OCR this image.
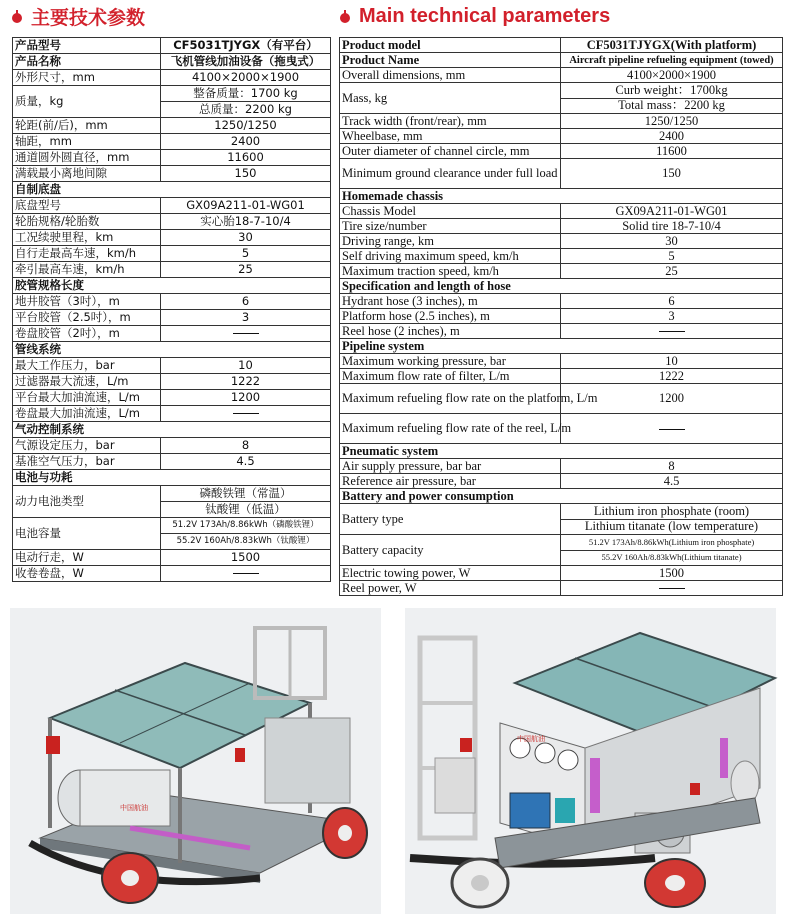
主要技术参数	Main technical parameters
产品型号	CF5031TJYGX（有平台）
产品名称	飞机管线加油设备（拖曳式）
外形尺寸，mm	4100×2000×1900
质量，kg	整备质量：1700 kg
	总质量：2200 kg
轮距(前/后)，mm	1250/1250
轴距，mm	2400
通道圆外圆直径，mm	11600
满载最小离地间隙	150
自制底盘	
底盘型号	GX09A211-01-WG01
轮胎规格/轮胎数	实心胎18-7-10/4
工况续驶里程，km	30
自行走最高车速，km/h	5
牵引最高车速，km/h	25
胶管规格长度	
地井胶管（3吋），m	6
平台胶管（2.5吋），m	3
卷盘胶管（2吋），m	
管线系统	
最大工作压力，bar	10
过滤器最大流速，L/m	1222
平台最大加油流速，L/m	1200
卷盘最大加油流速，L/m	
气动控制系统	
气源设定压力，bar	8
基准空气压力，bar	4.5
电池与功耗	
动力电池类型	磷酸铁锂（常温）
	钛酸锂（低温）
电池容量	51.2V 173Ah/8.86kWh（磷酸铁锂）
	55.2V 160Ah/8.83kWh（钛酸锂）
电动行走，W	1500
收卷卷盘，W	
Product model	CF5031TJYGX(With platform)
Product Name	Aircraft pipeline refueling equipment (towed)
Overall dimensions, mm	4100×2000×1900
Mass, kg	Curb weight：1700kg
	Total mass：2200 kg
Track width (front/rear), mm	1250/1250
Wheelbase, mm	2400
Outer diameter of channel circle, mm	11600
Minimum ground clearance under full load	150
Homemade chassis	
Chassis Model	GX09A211-01-WG01
Tire size/number	Solid tire 18-7-10/4
Driving range, km	30
Self driving maximum speed, km/h	5
Maximum traction speed, km/h	25
Specification and length of hose	
Hydrant hose (3 inches), m	6
Platform hose (2.5 inches), m	3
Reel hose (2 inches), m	
Pipeline system	
Maximum working pressure, bar	10
Maximum flow rate of filter, L/m	1222
Maximum refueling flow rate on the platform, L/m	1200
Maximum refueling flow rate of the reel, L/m	
Pneumatic system	
Air supply pressure, bar bar	8
Reference air pressure, bar	4.5
Battery and power consumption	
Battery type	Lithium iron phosphate (room)
	Lithium titanate (low temperature)
Battery capacity	51.2V 173Ah/8.86kWh(Lithium iron phosphate)
	55.2V 160Ah/8.83kWh(Lithium titanate)
Electric towing power, W	1500
Reel power, W	
中国航油
中国航油
